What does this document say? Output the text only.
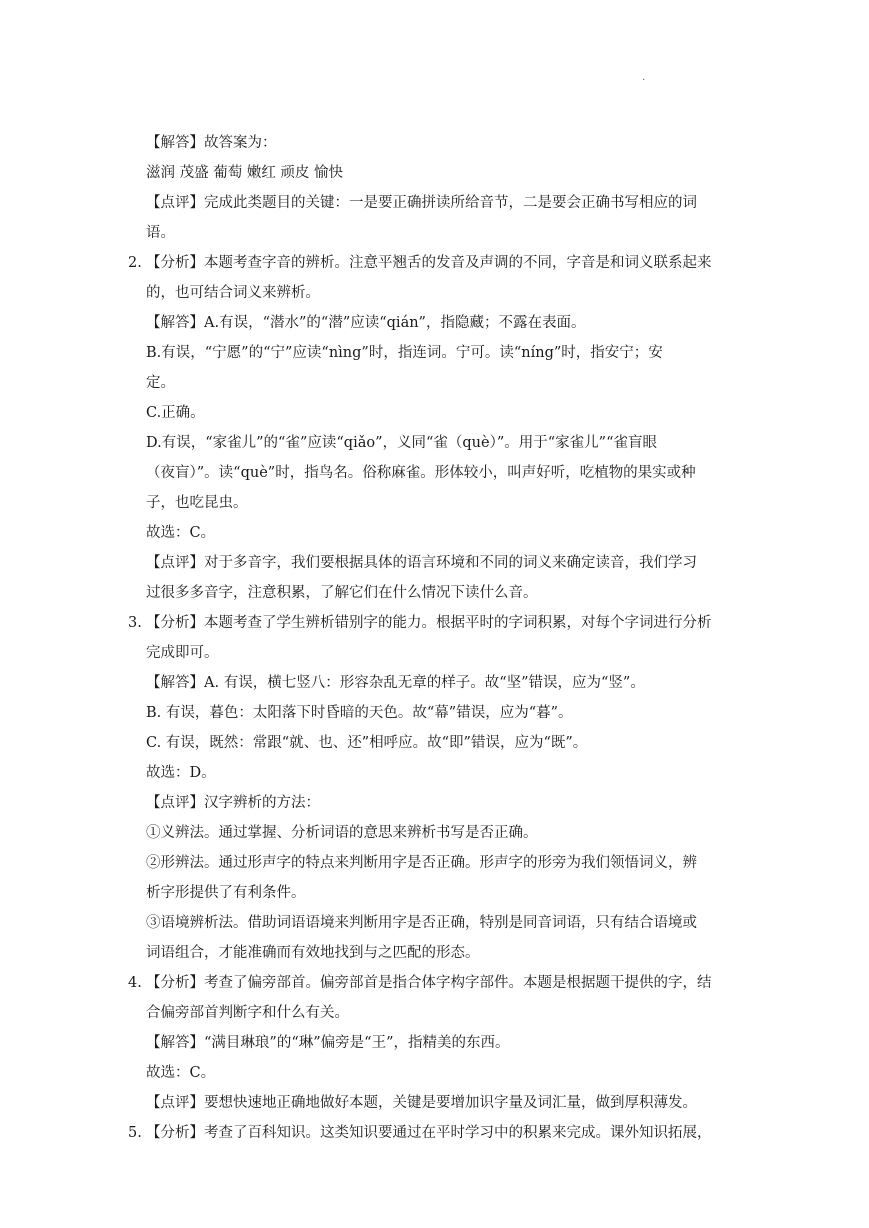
.
【解答】故答案为：
滋润 茂盛 葡萄 嫩红 顽皮 愉快
【点评】完成此类题目的关键：一是要正确拼读所给音节，二是要会正确书写相应的词
语。
2. 【分析】本题考查字音的辨析。注意平翘舌的发音及声调的不同，字音是和词义联系起来
的，也可结合词义来辨析。
【解答】A.有误，“潜水”的“潜”应读“qián”，指隐藏；不露在表面。
B.有误，“宁愿”的“宁”应读“nìng”时，指连词。宁可。读“níng”时，指安宁；安
定。
C.正确。
D.有误，“家雀儿”的“雀”应读“qiǎo”，义同“雀（què）”。用于“家雀儿”“雀盲眼
（夜盲）”。读“què”时，指鸟名。俗称麻雀。形体较小，叫声好听，吃植物的果实或种
子，也吃昆虫。
故选：C。
【点评】对于多音字，我们要根据具体的语言环境和不同的词义来确定读音，我们学习
过很多多音字，注意积累，了解它们在什么情况下读什么音。
3. 【分析】本题考查了学生辨析错别字的能力。根据平时的字词积累，对每个字词进行分析
完成即可。
【解答】A. 有误，横七竖八：形容杂乱无章的样子。故“坚”错误，应为“竖”。
B. 有误，暮色：太阳落下时昏暗的天色。故“幕”错误，应为“暮”。
C. 有误，既然：常跟“就、也、还”相呼应。故“即”错误，应为“既”。
故选：D。
【点评】汉字辨析的方法：
①义辨法。通过掌握、分析词语的意思来辨析书写是否正确。
②形辨法。通过形声字的特点来判断用字是否正确。形声字的形旁为我们领悟词义，辨
析字形提供了有利条件。
③语境辨析法。借助词语语境来判断用字是否正确，特别是同音词语，只有结合语境或
词语组合，才能准确而有效地找到与之匹配的形态。
4. 【分析】考查了偏旁部首。偏旁部首是指合体字构字部件。本题是根据题干提供的字，结
合偏旁部首判断字和什么有关。
【解答】“满目琳琅”的“琳”偏旁是“王”，指精美的东西。
故选：C。
【点评】要想快速地正确地做好本题，关键是要增加识字量及词汇量，做到厚积薄发。
5. 【分析】考查了百科知识。这类知识要通过在平时学习中的积累来完成。课外知识拓展，
